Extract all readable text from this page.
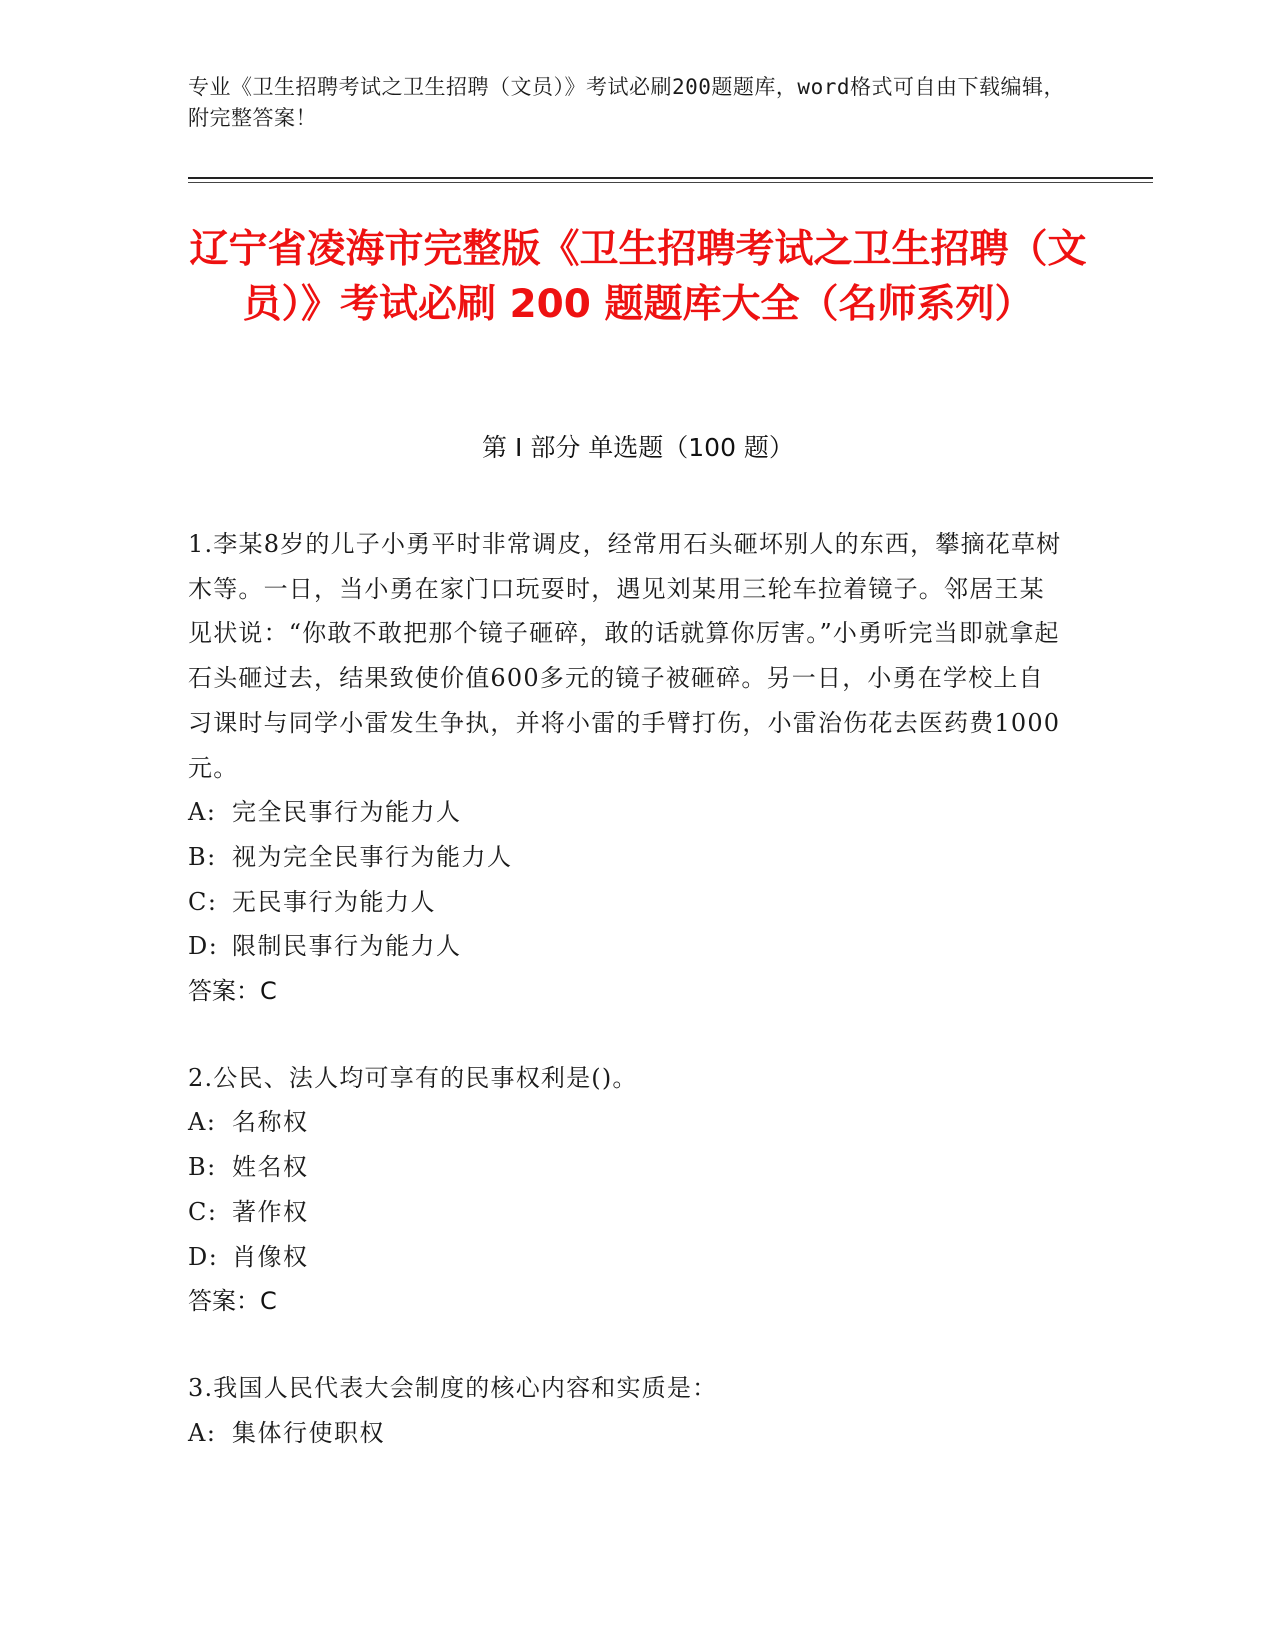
专业《卫生招聘考试之卫生招聘（文员）》考试必刷200题题库，word格式可自由下载编辑，附完整答案！
辽宁省凌海市完整版《卫生招聘考试之卫生招聘（文员）》考试必刷 200 题题库大全（名师系列）
第 I 部分 单选题（100 题）
1.李某8岁的儿子小勇平时非常调皮，经常用石头砸坏别人的东西，攀摘花草树木等。一日，当小勇在家门口玩耍时，遇见刘某用三轮车拉着镜子。邻居王某见状说：“你敢不敢把那个镜子砸碎，敢的话就算你厉害。”小勇听完当即就拿起石头砸过去，结果致使价值600多元的镜子被砸碎。另一日，小勇在学校上自习课时与同学小雷发生争执，并将小雷的手臂打伤，小雷治伤花去医药费1000元。
A: 完全民事行为能力人
B: 视为完全民事行为能力人
C: 无民事行为能力人
D: 限制民事行为能力人
答案：C
2.公民、法人均可享有的民事权利是()。
A: 名称权
B: 姓名权
C: 著作权
D: 肖像权
答案：C
3.我国人民代表大会制度的核心内容和实质是：
A: 集体行使职权
